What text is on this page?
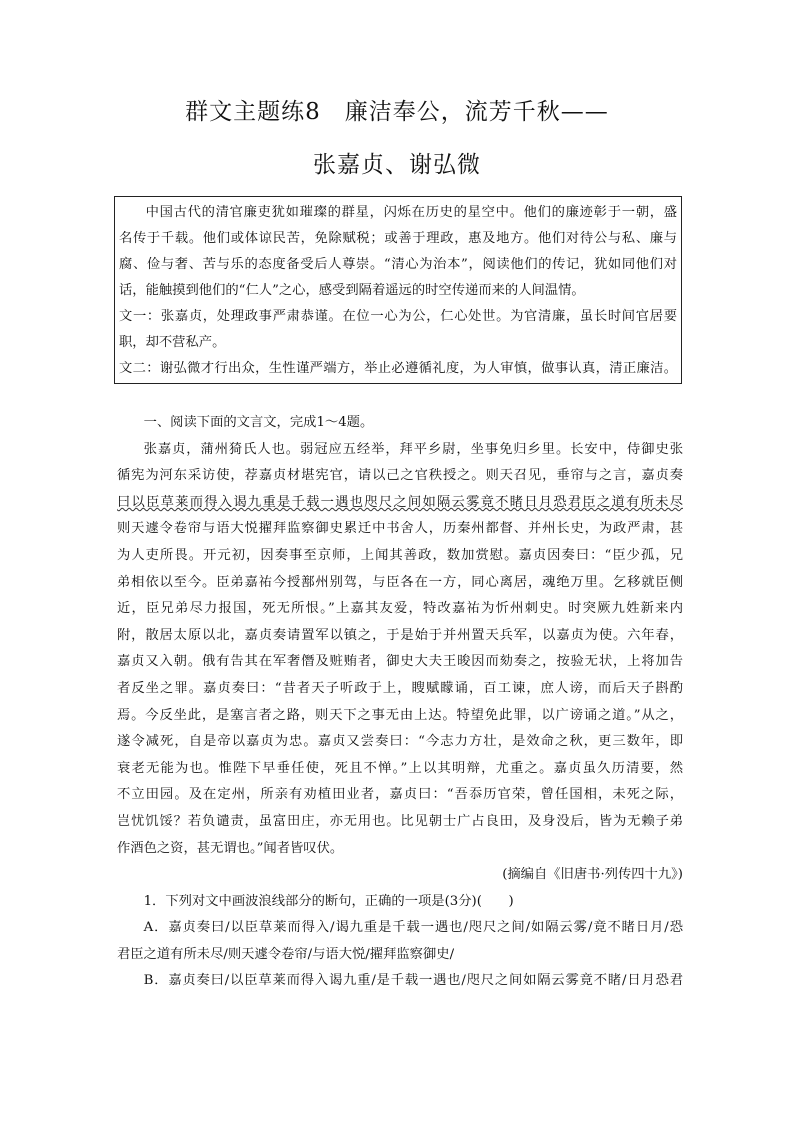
群文主题练8　廉洁奉公，流芳千秋——
张嘉贞、谢弘微

中国古代的清官廉吏犹如璀璨的群星，闪烁在历史的星空中。他们的廉迹彰于一朝，盛

名传于千载。他们或体谅民苦，免除赋税；或善于理政，惠及地方。他们对待公与私、廉与

腐、俭与奢、苦与乐的态度备受后人尊崇。“清心为治本”，阅读他们的传记，犹如同他们对

话，能触摸到他们的“仁人”之心，感受到隔着遥远的时空传递而来的人间温情。

文一：张嘉贞，处理政事严肃恭谨。在位一心为公，仁心处世。为官清廉，虽长时间官居要

职，却不营私产。

文二：谢弘微才行出众，生性谨严端方，举止必遵循礼度，为人审慎，做事认真，清正廉洁。

一、阅读下面的文言文，完成1～4题。

张嘉贞，蒲州猗氏人也。弱冠应五经举，拜平乡尉，坐事免归乡里。长安中，侍御史张

循宪为河东采访使，荐嘉贞材堪宪官，请以己之官秩授之。则天召见，垂帘与之言，嘉贞奏

曰以臣草莱而得入谒九重是千载一遇也咫尺之间如隔云雾竟不睹日月恐君臣之道有所未尽

则天遽令卷帘与语大悦擢拜监察御史累迁中书舍人，历秦州都督、并州长史，为政严肃，甚

为人吏所畏。开元初，因奏事至京师，上闻其善政，数加赏慰。嘉贞因奏曰：“臣少孤，兄

弟相依以至今。臣弟嘉祐今授鄯州别驾，与臣各在一方，同心离居，魂绝万里。乞移就臣侧

近，臣兄弟尽力报国，死无所恨。”上嘉其友爱，特改嘉祐为忻州刺史。时突厥九姓新来内

附，散居太原以北，嘉贞奏请置军以镇之，于是始于并州置天兵军，以嘉贞为使。六年春，

嘉贞又入朝。俄有告其在军奢僭及赃贿者，御史大夫王晙因而劾奏之，按验无状，上将加告

者反坐之罪。嘉贞奏曰：“昔者天子听政于上，瞍赋矇诵，百工谏，庶人谤，而后天子斟酌

焉。今反坐此，是塞言者之路，则天下之事无由上达。特望免此罪，以广谤诵之道。”从之，

遂令减死，自是帝以嘉贞为忠。嘉贞又尝奏曰：“今志力方壮，是效命之秋，更三数年，即

衰老无能为也。惟陛下早垂任使，死且不惮。”上以其明辩，尤重之。嘉贞虽久历清要，然

不立田园。及在定州，所亲有劝植田业者，嘉贞曰：“吾忝历官荣，曾任国相，未死之际，

岂忧饥馁？若负谴责，虽富田庄，亦无用也。比见朝士广占良田，及身没后，皆为无赖子弟

作酒色之资，甚无谓也。”闻者皆叹伏。

(摘编自《旧唐书·列传四十九》)

1．下列对文中画波浪线部分的断句，正确的一项是(3分)(　　)

A．嘉贞奏曰/以臣草莱而得入/谒九重是千载一遇也/咫尺之间/如隔云雾/竟不睹日月/恐

君臣之道有所未尽/则天遽令卷帘/与语大悦/擢拜监察御史/

B．嘉贞奏曰/以臣草莱而得入谒九重/是千载一遇也/咫尺之间如隔云雾竟不睹/日月恐君
